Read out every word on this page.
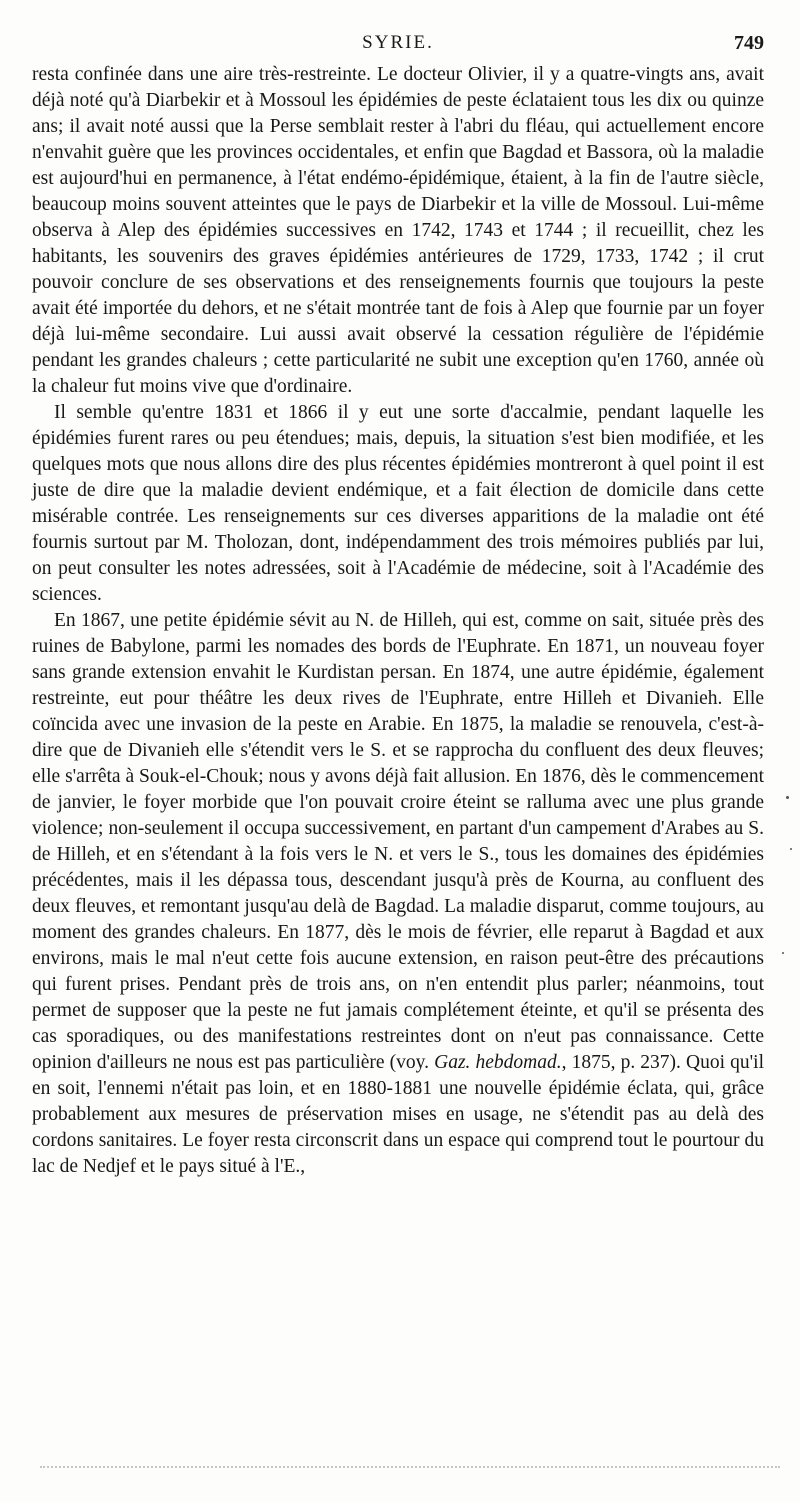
SYRIE.	749

resta confinée dans une aire très-restreinte. Le docteur Olivier, il y a quatre-vingts ans, avait déjà noté qu'à Diarbekir et à Mossoul les épidémies de peste éclataient tous les dix ou quinze ans; il avait noté aussi que la Perse semblait rester à l'abri du fléau, qui actuellement encore n'envahit guère que les provinces occidentales, et enfin que Bagdad et Bassora, où la maladie est aujourd'hui en permanence, à l'état endémo-épidémique, étaient, à la fin de l'autre siècle, beaucoup moins souvent atteintes que le pays de Diarbekir et la ville de Mossoul. Lui-même observa à Alep des épidémies successives en 1742, 1743 et 1744 ; il recueillit, chez les habitants, les souvenirs des graves épidémies antérieures de 1729, 1733, 1742 ; il crut pouvoir conclure de ses observations et des renseignements fournis que toujours la peste avait été importée du dehors, et ne s'était montrée tant de fois à Alep que fournie par un foyer déjà lui-même secondaire. Lui aussi avait observé la cessation régulière de l'épidémie pendant les grandes chaleurs ; cette particularité ne subit une exception qu'en 1760, année où la chaleur fut moins vive que d'ordinaire.

Il semble qu'entre 1831 et 1866 il y eut une sorte d'accalmie, pendant laquelle les épidémies furent rares ou peu étendues; mais, depuis, la situation s'est bien modifiée, et les quelques mots que nous allons dire des plus récentes épidémies montreront à quel point il est juste de dire que la maladie devient endémique, et a fait élection de domicile dans cette misérable contrée. Les renseignements sur ces diverses apparitions de la maladie ont été fournis surtout par M. Tholozan, dont, indépendamment des trois mémoires publiés par lui, on peut consulter les notes adressées, soit à l'Académie de médecine, soit à l'Académie des sciences.

En 1867, une petite épidémie sévit au N. de Hilleh, qui est, comme on sait, située près des ruines de Babylone, parmi les nomades des bords de l'Euphrate. En 1871, un nouveau foyer sans grande extension envahit le Kurdistan persan. En 1874, une autre épidémie, également restreinte, eut pour théâtre les deux rives de l'Euphrate, entre Hilleh et Divanieh. Elle coïncida avec une invasion de la peste en Arabie. En 1875, la maladie se renouvela, c'est-à-dire que de Divanieh elle s'étendit vers le S. et se rapprocha du confluent des deux fleuves; elle s'arrêta à Souk-el-Chouk; nous y avons déjà fait allusion. En 1876, dès le commencement de janvier, le foyer morbide que l'on pouvait croire éteint se ralluma avec une plus grande violence; non-seulement il occupa successivement, en partant d'un campement d'Arabes au S. de Hilleh, et en s'étendant à la fois vers le N. et vers le S., tous les domaines des épidémies précédentes, mais il les dépassa tous, descendant jusqu'à près de Kourna, au confluent des deux fleuves, et remontant jusqu'au delà de Bagdad. La maladie disparut, comme toujours, au moment des grandes chaleurs. En 1877, dès le mois de février, elle reparut à Bagdad et aux environs, mais le mal n'eut cette fois aucune extension, en raison peut-être des précautions qui furent prises. Pendant près de trois ans, on n'en entendit plus parler; néanmoins, tout permet de supposer que la peste ne fut jamais complétement éteinte, et qu'il se présenta des cas sporadiques, ou des manifestations restreintes dont on n'eut pas connaissance. Cette opinion d'ailleurs ne nous est pas particulière (voy. Gaz. hebdomad., 1875, p. 237). Quoi qu'il en soit, l'ennemi n'était pas loin, et en 1880-1881 une nouvelle épidémie éclata, qui, grâce probablement aux mesures de préservation mises en usage, ne s'étendit pas au delà des cordons sanitaires. Le foyer resta circonscrit dans un espace qui comprend tout le pourtour du lac de Nedjef et le pays situé à l'E.,
